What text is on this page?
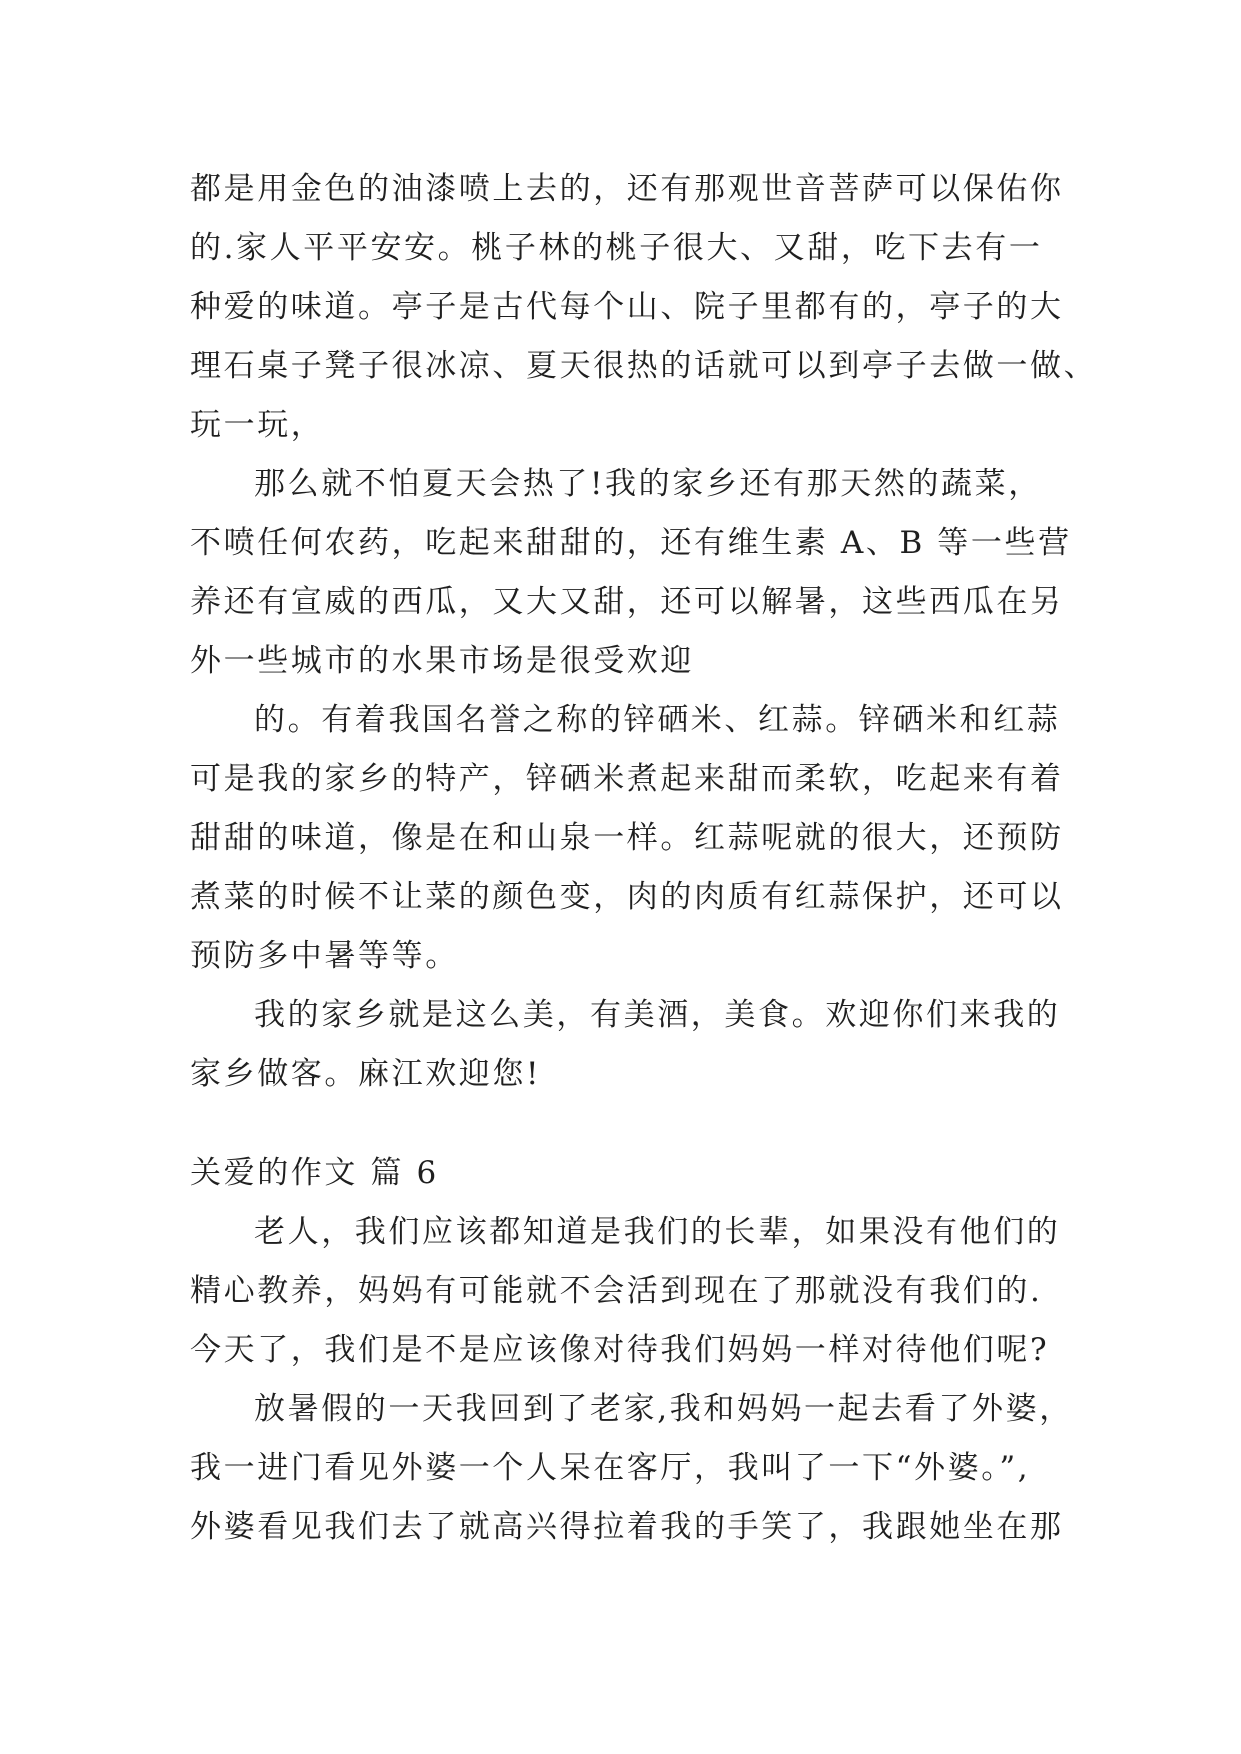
都是用金色的油漆喷上去的，还有那观世音菩萨可以保佑你
的.家人平平安安。桃子林的桃子很大、又甜，吃下去有一
种爱的味道。亭子是古代每个山、院子里都有的，亭子的大
理石桌子凳子很冰凉、夏天很热的话就可以到亭子去做一做、
玩一玩，
那么就不怕夏天会热了!我的家乡还有那天然的蔬菜，
不喷任何农药，吃起来甜甜的，还有维生素 A、B 等一些营
养还有宣威的西瓜，又大又甜，还可以解暑，这些西瓜在另
外一些城市的水果市场是很受欢迎
的。有着我国名誉之称的锌硒米、红蒜。锌硒米和红蒜
可是我的家乡的特产，锌硒米煮起来甜而柔软，吃起来有着
甜甜的味道，像是在和山泉一样。红蒜呢就的很大，还预防
煮菜的时候不让菜的颜色变，肉的肉质有红蒜保护，还可以
预防多中暑等等。
我的家乡就是这么美，有美酒，美食。欢迎你们来我的
家乡做客。麻江欢迎您!
关爱的作文 篇 6
老人，我们应该都知道是我们的长辈，如果没有他们的
精心教养，妈妈有可能就不会活到现在了那就没有我们的.
今天了，我们是不是应该像对待我们妈妈一样对待他们呢?
放暑假的一天我回到了老家,我和妈妈一起去看了外婆，
我一进门看见外婆一个人呆在客厅，我叫了一下“外婆。”,
外婆看见我们去了就高兴得拉着我的手笑了，我跟她坐在那
